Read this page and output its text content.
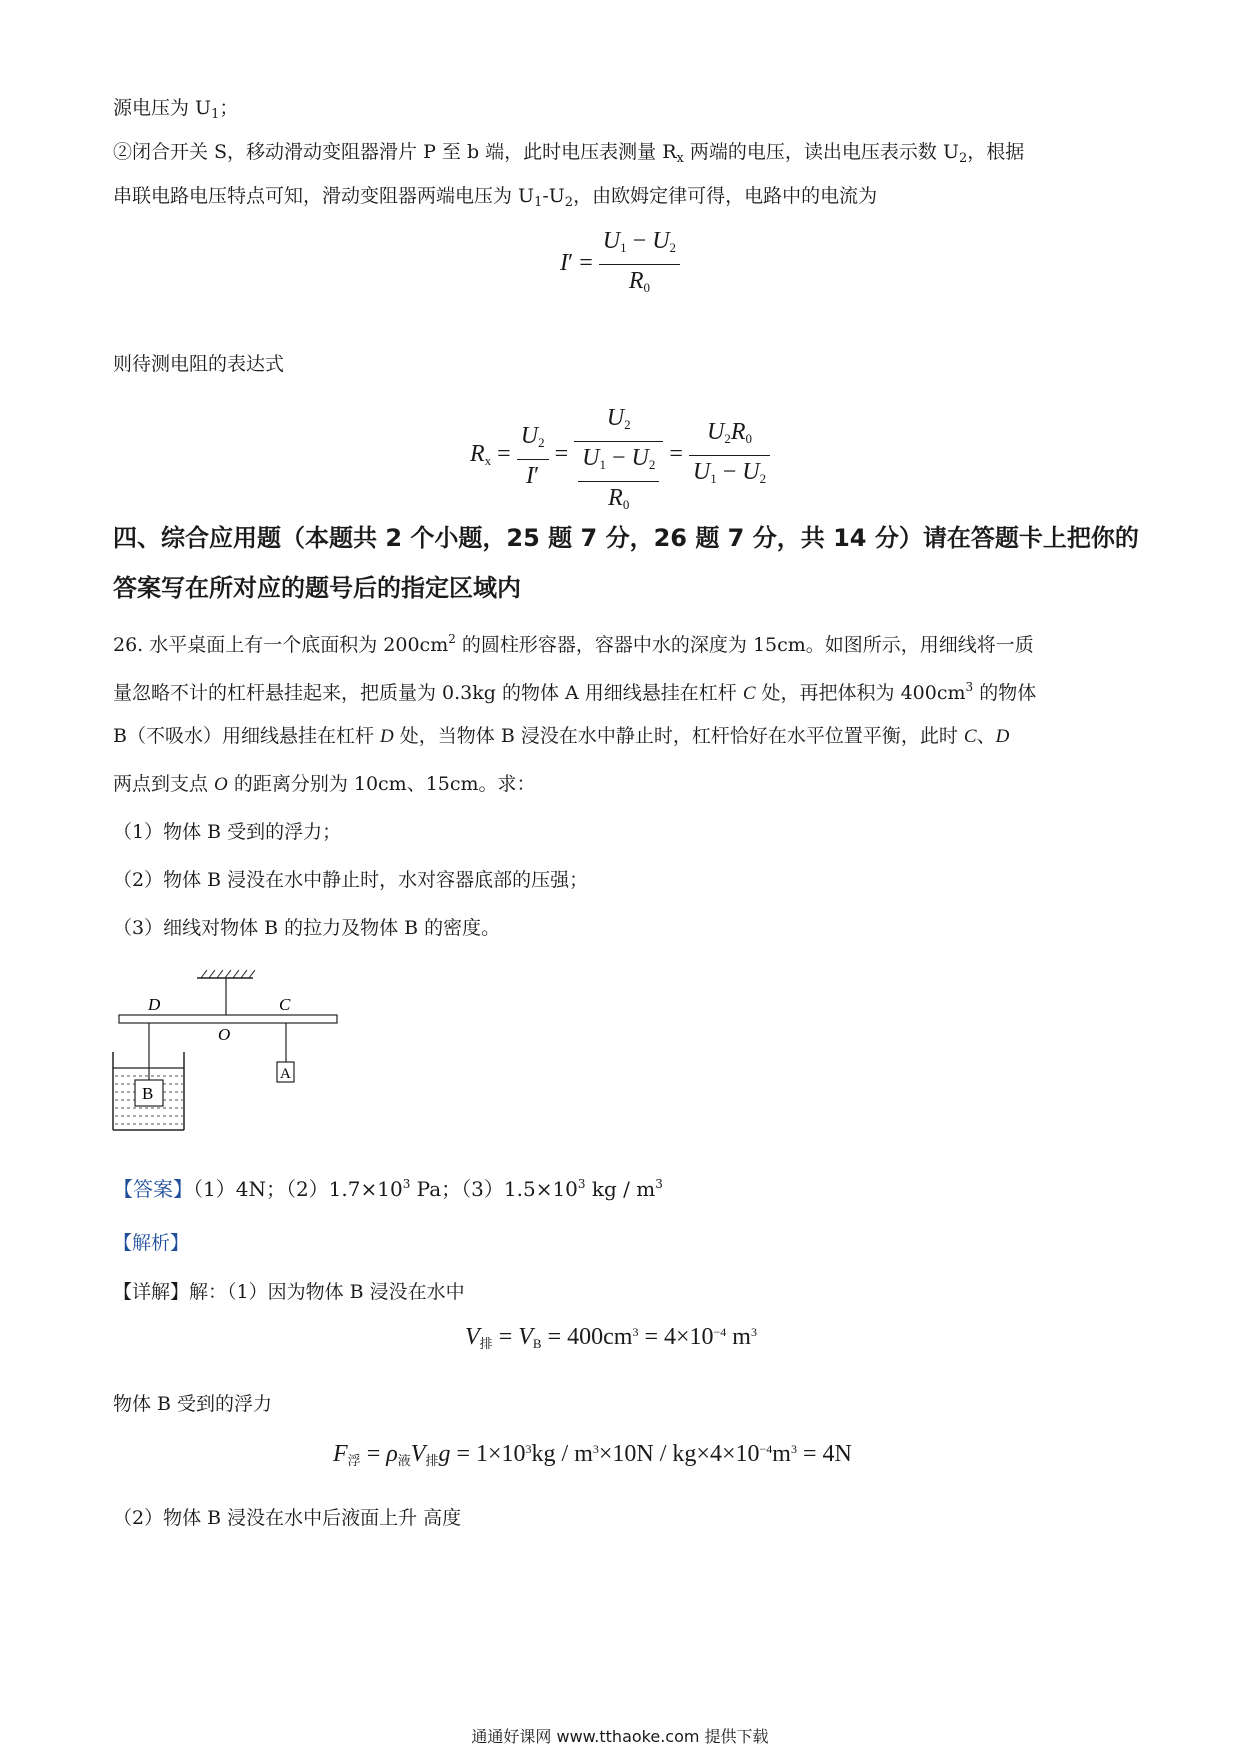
源电压为 $U_1$；
②闭合开关 S，移动滑动变阻器滑片 P 至 b 端，此时电压表测量 $R_x$ 两端的电压，读出电压表示数 $U_2$，根据
串联电路电压特点可知，滑动变阻器两端电压为 $U_1-U_2$，由欧姆定律可得，电路中的电流为
$I' = \frac{U_1 - U_2}{R_0}$
则待测电阻的表达式
$R_x = \frac{U_2}{I'} = \frac{U_2}{\frac{U_1 - U_2}{R_0}} = \frac{U_2R_0}{U_1 - U_2}$
四、综合应用题（本题共 2 个小题，25 题 7 分，26 题 7 分，共 14 分）请在答题卡上把你的
答案写在所对应的题号后的指定区域内
26. 水平桌面上有一个底面积为 $200cm^2$ 的圆柱形容器，容器中水的深度为 15cm。如图所示，用细线将一质
量忽略不计的杠杆悬挂起来，把质量为 0.3kg 的物体 A 用细线悬挂在杠杆 C 处，再把体积为 $400cm^3$ 的物体
B（不吸水）用细线悬挂在杠杆 D 处，当物体 B 浸没在水中静止时，杠杆恰好在水平位置平衡，此时 C、D
两点到支点 O 的距离分别为 10cm、15cm。求：
（1）物体 B 受到的浮力；
（2）物体 B 浸没在水中静止时，水对容器底部的压强；
（3）细线对物体 B 的拉力及物体 B 的密度。
D
O
C
A
B
【答案】（1）4N；$(2)1.7\times 10^3$ Pa；$(3)1.5\times 10^3$ kg / $m^3$
【解析】
【详解】解：（1）因为物体 B 浸没在水中
$V_排 = V_B = 400cm^3 = 4\times 10^{-4}$ $m^3$
物体 B 受到的浮力
$F_浮 = \rho_液V_排g = 1\times 10^3kg / m^3\times 10N / kg\times 4\times 10^{-4}m^3 = 4N$
（2）物体 B 浸没在水中后液面上升 高度
通通好课网 www.tthaoke.com 提供下载
